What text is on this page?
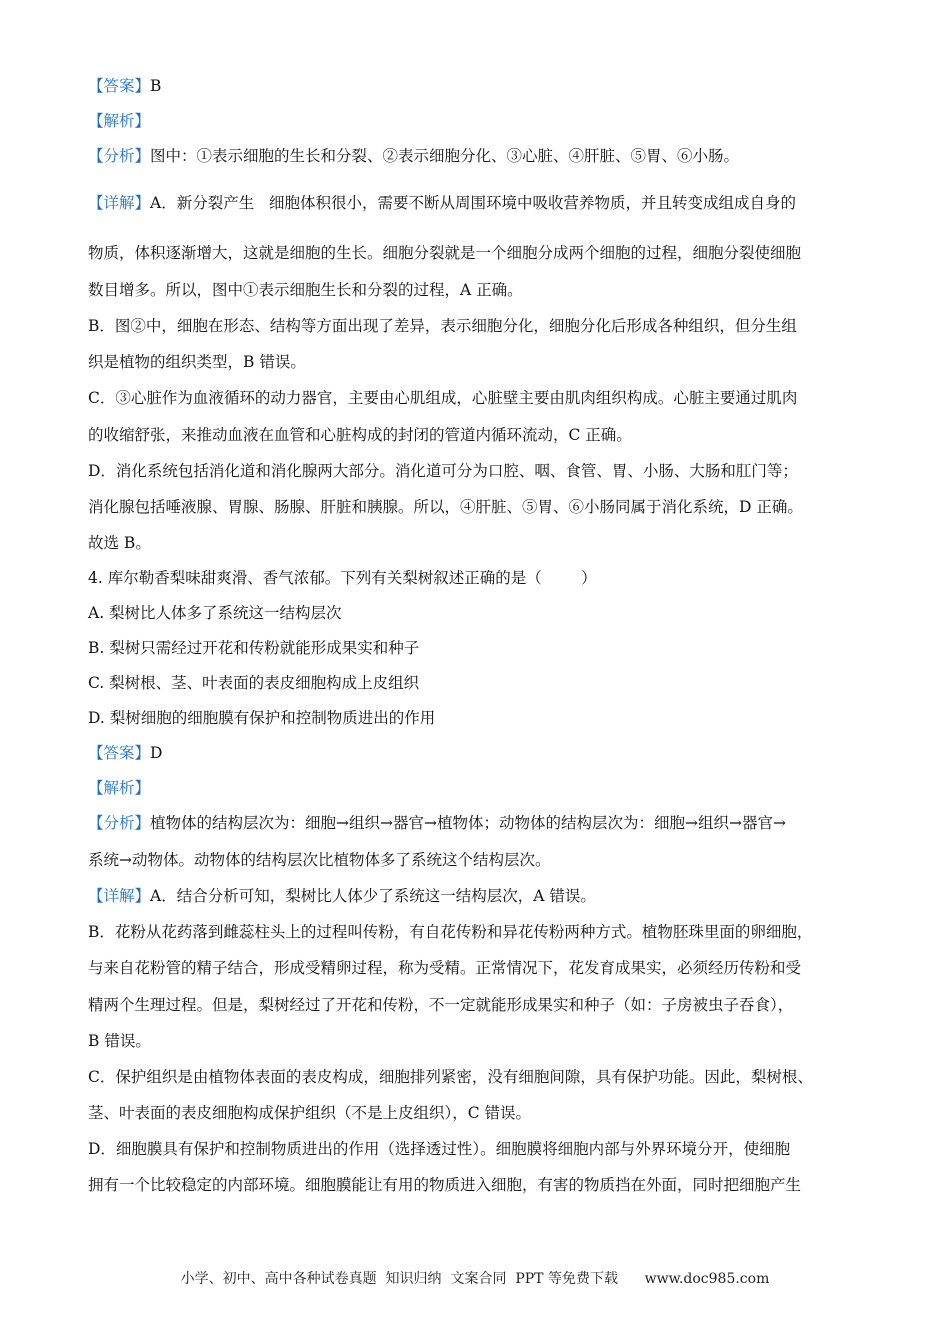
【答案】B
【解析】
【分析】图中：①表示细胞的生长和分裂、②表示细胞分化、③心脏、④肝脏、⑤胃、⑥小肠。
【详解】A．新分裂产生   细胞体积很小，需要不断从周围环境中吸收营养物质，并且转变成组成自身的
物质，体积逐渐增大，这就是细胞的生长。细胞分裂就是一个细胞分成两个细胞的过程，细胞分裂使细胞
数目增多。所以，图中①表示细胞生长和分裂的过程，A 正确。
B．图②中，细胞在形态、结构等方面出现了差异，表示细胞分化，细胞分化后形成各种组织，但分生组
织是植物的组织类型，B 错误。
C．③心脏作为血液循环的动力器官，主要由心肌组成，心脏壁主要由肌肉组织构成。心脏主要通过肌肉
的收缩舒张，来推动血液在血管和心脏构成的封闭的管道内循环流动，C 正确。
D．消化系统包括消化道和消化腺两大部分。消化道可分为口腔、咽、食管、胃、小肠、大肠和肛门等；
消化腺包括唾液腺、胃腺、肠腺、肝脏和胰腺。所以，④肝脏、⑤胃、⑥小肠同属于消化系统，D 正确。
故选 B。
4. 库尔勒香梨味甜爽滑、香气浓郁。下列有关梨树叙述正确的是（        ）
A. 梨树比人体多了系统这一结构层次
B. 梨树只需经过开花和传粉就能形成果实和种子
C. 梨树根、茎、叶表面的表皮细胞构成上皮组织
D. 梨树细胞的细胞膜有保护和控制物质进出的作用
【答案】D
【解析】
【分析】植物体的结构层次为：细胞→组织→器官→植物体；动物体的结构层次为：细胞→组织→器官→
系统→动物体。动物体的结构层次比植物体多了系统这个结构层次。
【详解】A．结合分析可知，梨树比人体少了系统这一结构层次，A 错误。
B．花粉从花药落到雌蕊柱头上的过程叫传粉，有自花传粉和异花传粉两种方式。植物胚珠里面的卵细胞，
与来自花粉管的精子结合，形成受精卵过程，称为受精。正常情况下，花发育成果实，必须经历传粉和受
精两个生理过程。但是，梨树经过了开花和传粉，不一定就能形成果实和种子（如：子房被虫子吞食），
B 错误。
C．保护组织是由植物体表面的表皮构成，细胞排列紧密，没有细胞间隙，具有保护功能。因此，梨树根、
茎、叶表面的表皮细胞构成保护组织（不是上皮组织），C 错误。
D．细胞膜具有保护和控制物质进出的作用（选择透过性）。细胞膜将细胞内部与外界环境分开，使细胞
拥有一个比较稳定的内部环境。细胞膜能让有用的物质进入细胞，有害的物质挡在外面，同时把细胞产生
小学、初中、高中各种试卷真题  知识归纳  文案合同  PPT 等免费下载      www.doc985.com
